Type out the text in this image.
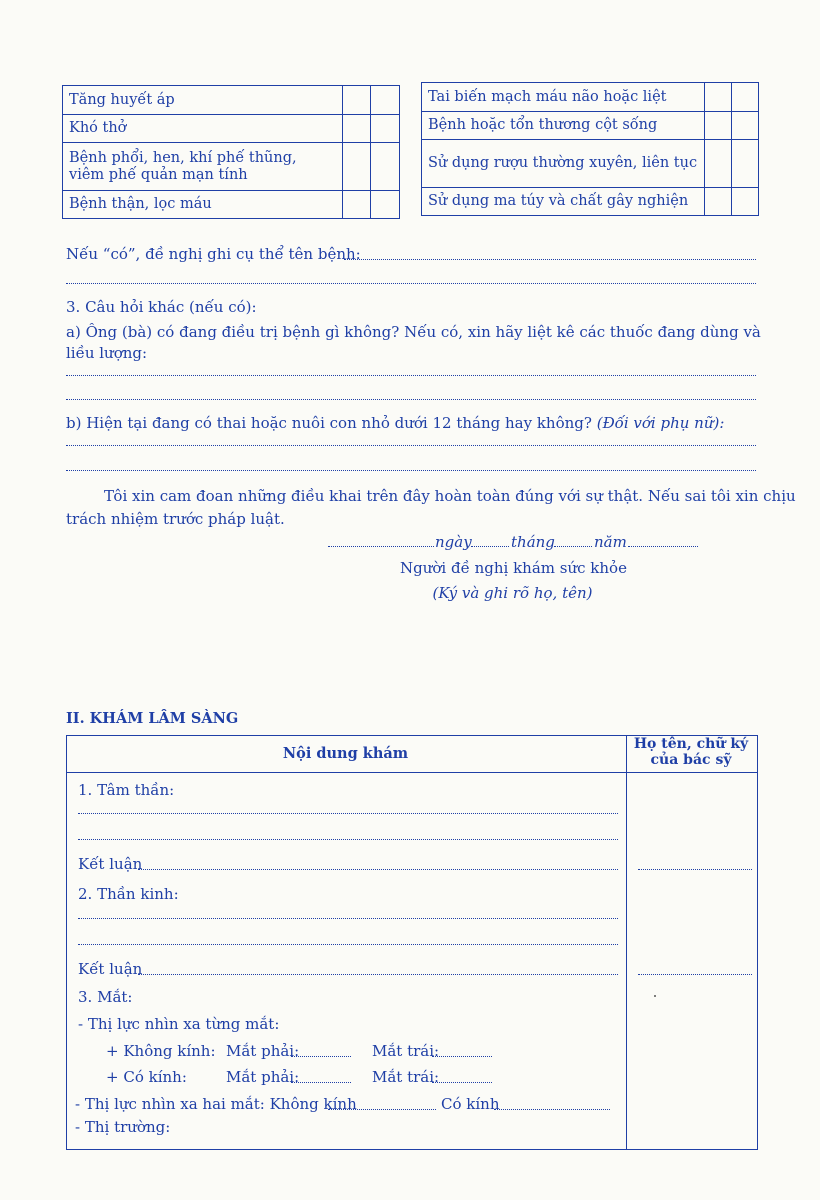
Tăng huyết áp		
Khó thở		
Bệnh phổi, hen, khí phế thũng, viêm phế quản mạn tính		
Bệnh thận, lọc máu		
Tai biến mạch máu não hoặc liệt		
Bệnh hoặc tổn thương cột sống		
Sử dụng rượu thường xuyên, liên tục		
Sử dụng ma túy và chất gây nghiện		
Nếu “có”, đề nghị ghi cụ thể tên bệnh:
3. Câu hỏi khác (nếu có):
a) Ông (bà) có đang điều trị bệnh gì không? Nếu có, xin hãy liệt kê các thuốc đang dùng và
liều lượng:
b) Hiện tại đang có thai hoặc nuôi con nhỏ dưới 12 tháng hay không? (Đối với phụ nữ):
Tôi xin cam đoan những điều khai trên đây hoàn toàn đúng với sự thật. Nếu sai tôi xin chịu
trách nhiệm trước pháp luật.
ngày	tháng	năm
Người đề nghị khám sức khỏe
(Ký và ghi rõ họ, tên)
II. KHÁM LÂM SÀNG
Nội dung khám
Họ tên, chữ ký
của bác sỹ
1. Tâm thần:
Kết luận
2. Thần kinh:
Kết luận
3. Mắt:
- Thị lực nhìn xa từng mắt:
+ Không kính: Mắt phải:	Mắt trái:
+ Có kính:	Mắt phải:	Mắt trái:
- Thị lực nhìn xa hai mắt: Không kính	Có kính
- Thị trường:
